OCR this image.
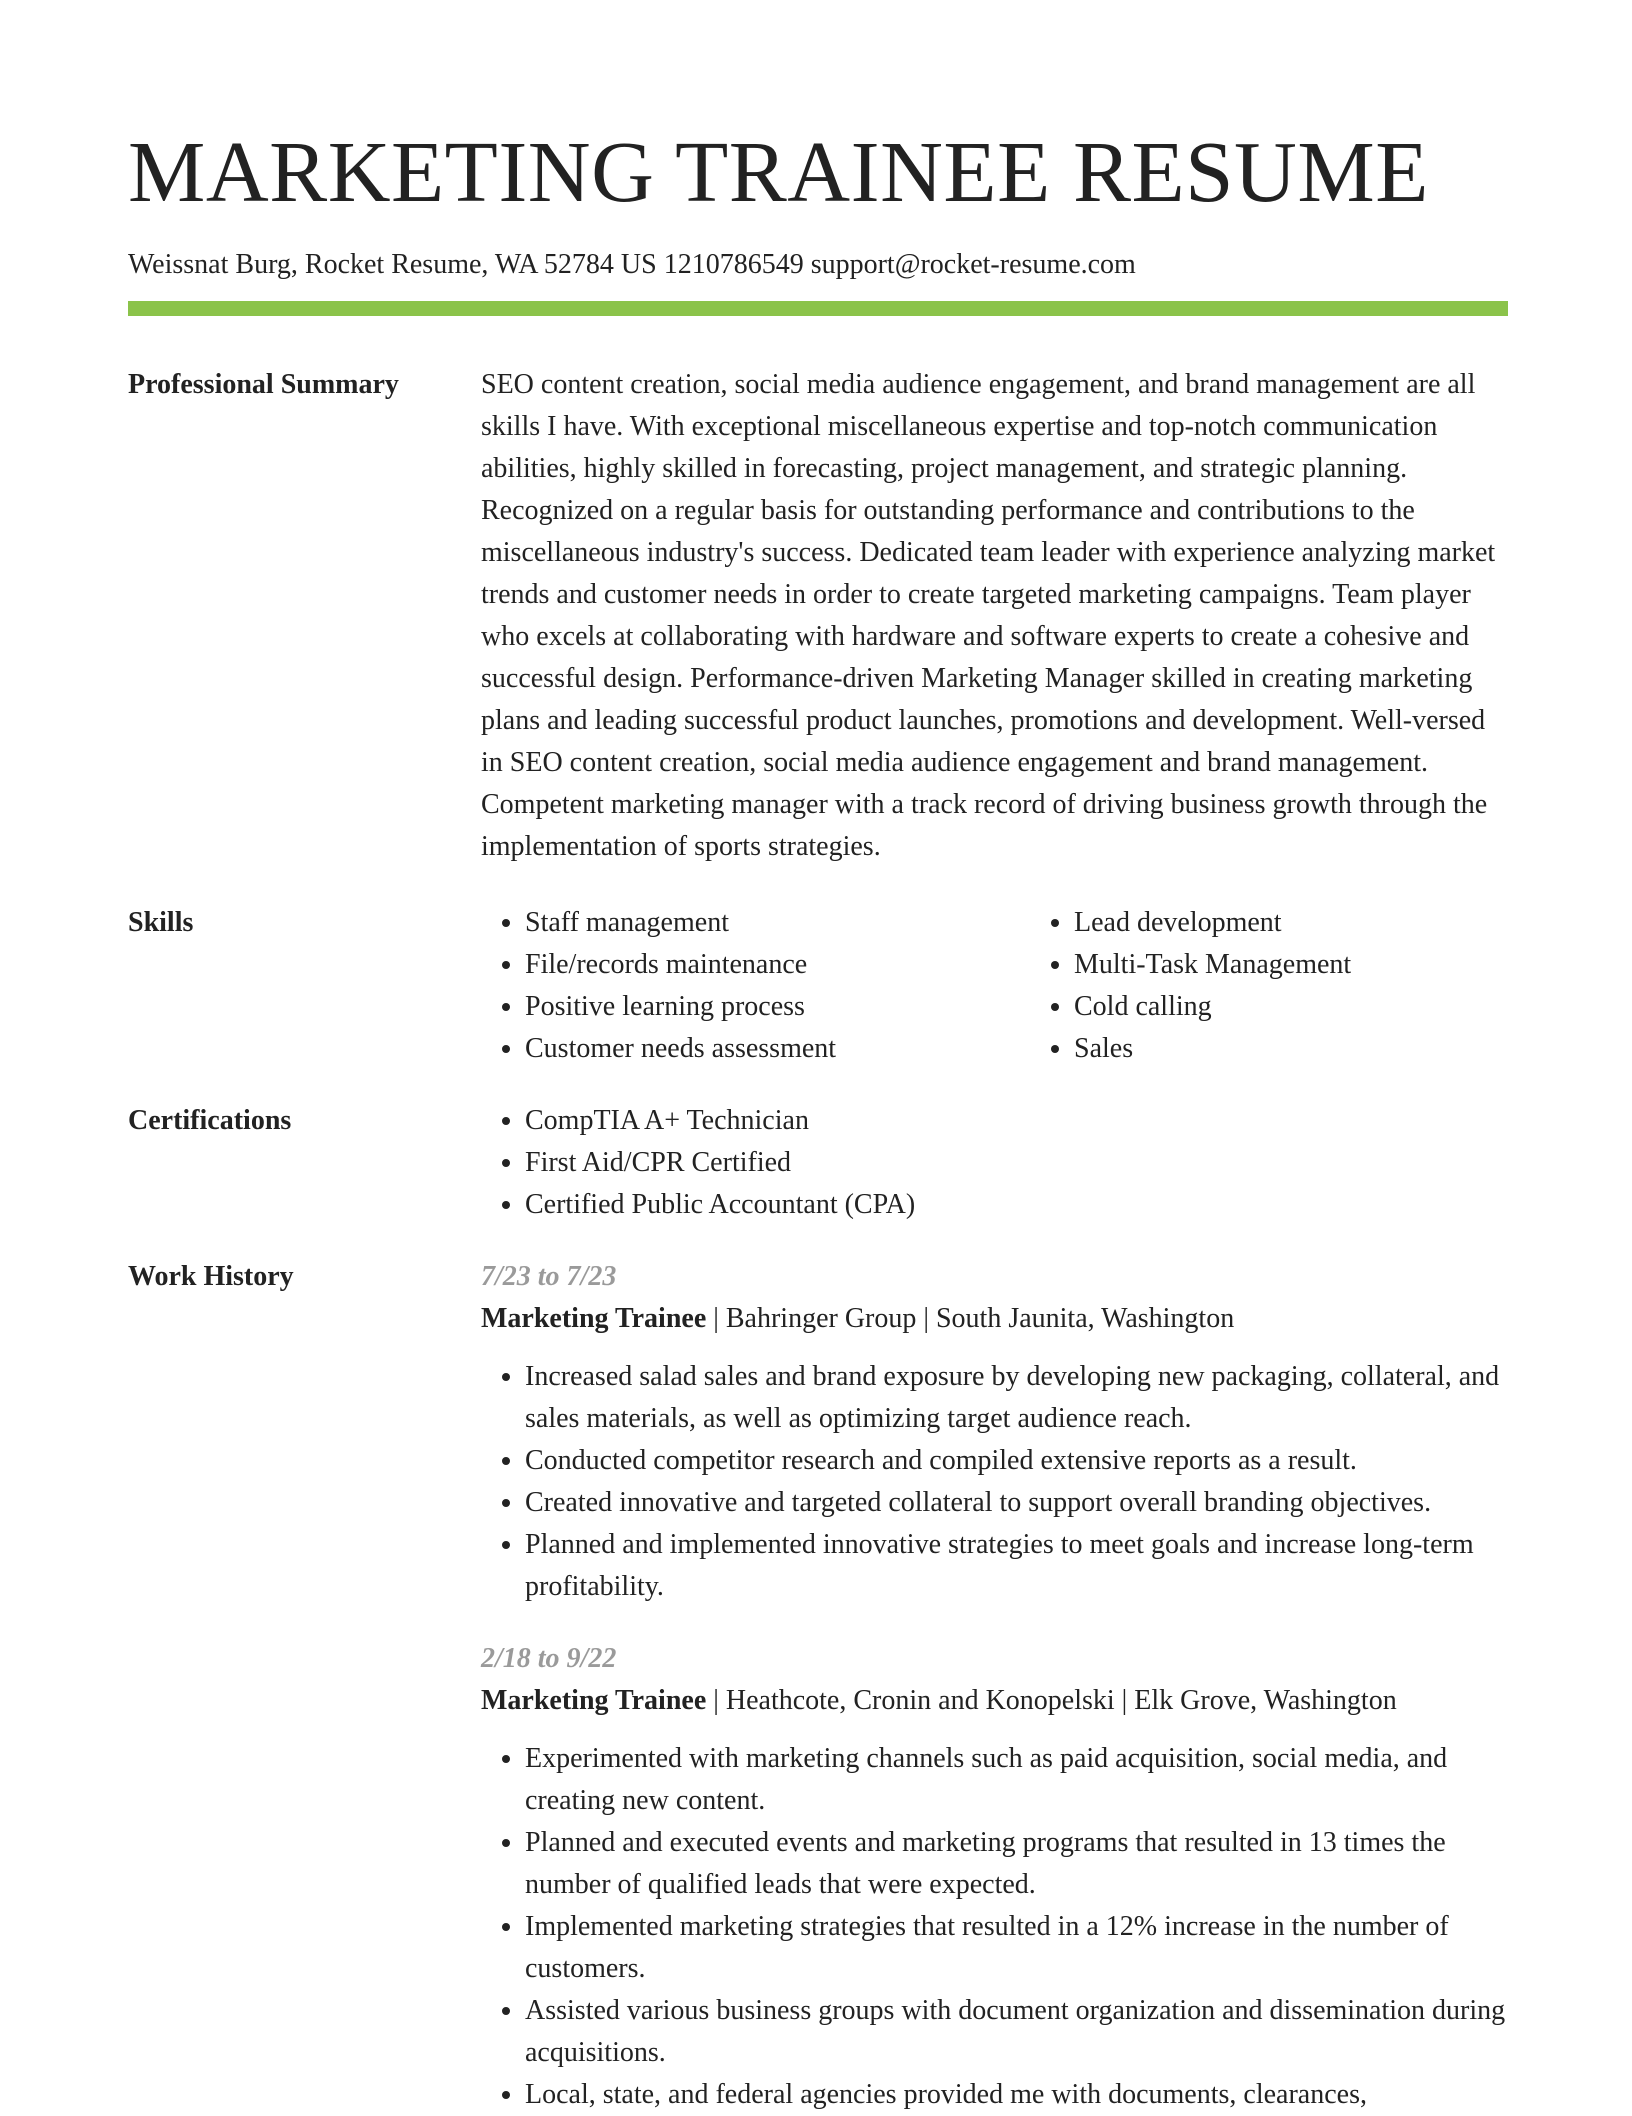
MARKETING TRAINEE RESUME
Weissnat Burg, Rocket Resume, WA 52784 US 1210786549 support@rocket-resume.com
Professional Summary	SEO content creation, social media audience engagement, and brand management are all skills I have. With exceptional miscellaneous expertise and top-notch communication abilities, highly skilled in forecasting, project management, and strategic planning. Recognized on a regular basis for outstanding performance and contributions to the miscellaneous industry's success. Dedicated team leader with experience analyzing market trends and customer needs in order to create targeted marketing campaigns. Team player who excels at collaborating with hardware and software experts to create a cohesive and successful design. Performance-driven Marketing Manager skilled in creating marketing plans and leading successful product launches, promotions and development. Well-versed in SEO content creation, social media audience engagement and brand management. Competent marketing manager with a track record of driving business growth through the implementation of sports strategies.

Skills	• Staff management
• File/records maintenance
• Positive learning process
• Customer needs assessment
• Lead development
• Multi-Task Management
• Cold calling
• Sales
Certifications	• CompTIA A+ Technician
• First Aid/CPR Certified
• Certified Public Accountant (CPA)
Work History	7/23 to 7/23
Marketing Trainee | Bahringer Group | South Jaunita, Washington
• Increased salad sales and brand exposure by developing new packaging, collateral, and sales materials, as well as optimizing target audience reach.
• Conducted competitor research and compiled extensive reports as a result.
• Created innovative and targeted collateral to support overall branding objectives.
• Planned and implemented innovative strategies to meet goals and increase long-term profitability.
2/18 to 9/22
Marketing Trainee | Heathcote, Cronin and Konopelski | Elk Grove, Washington
• Experimented with marketing channels such as paid acquisition, social media, and creating new content.
• Planned and executed events and marketing programs that resulted in 13 times the number of qualified leads that were expected.
• Implemented marketing strategies that resulted in a 12% increase in the number of customers.
• Assisted various business groups with document organization and dissemination during acquisitions.
• Local, state, and federal agencies provided me with documents, clearances,
